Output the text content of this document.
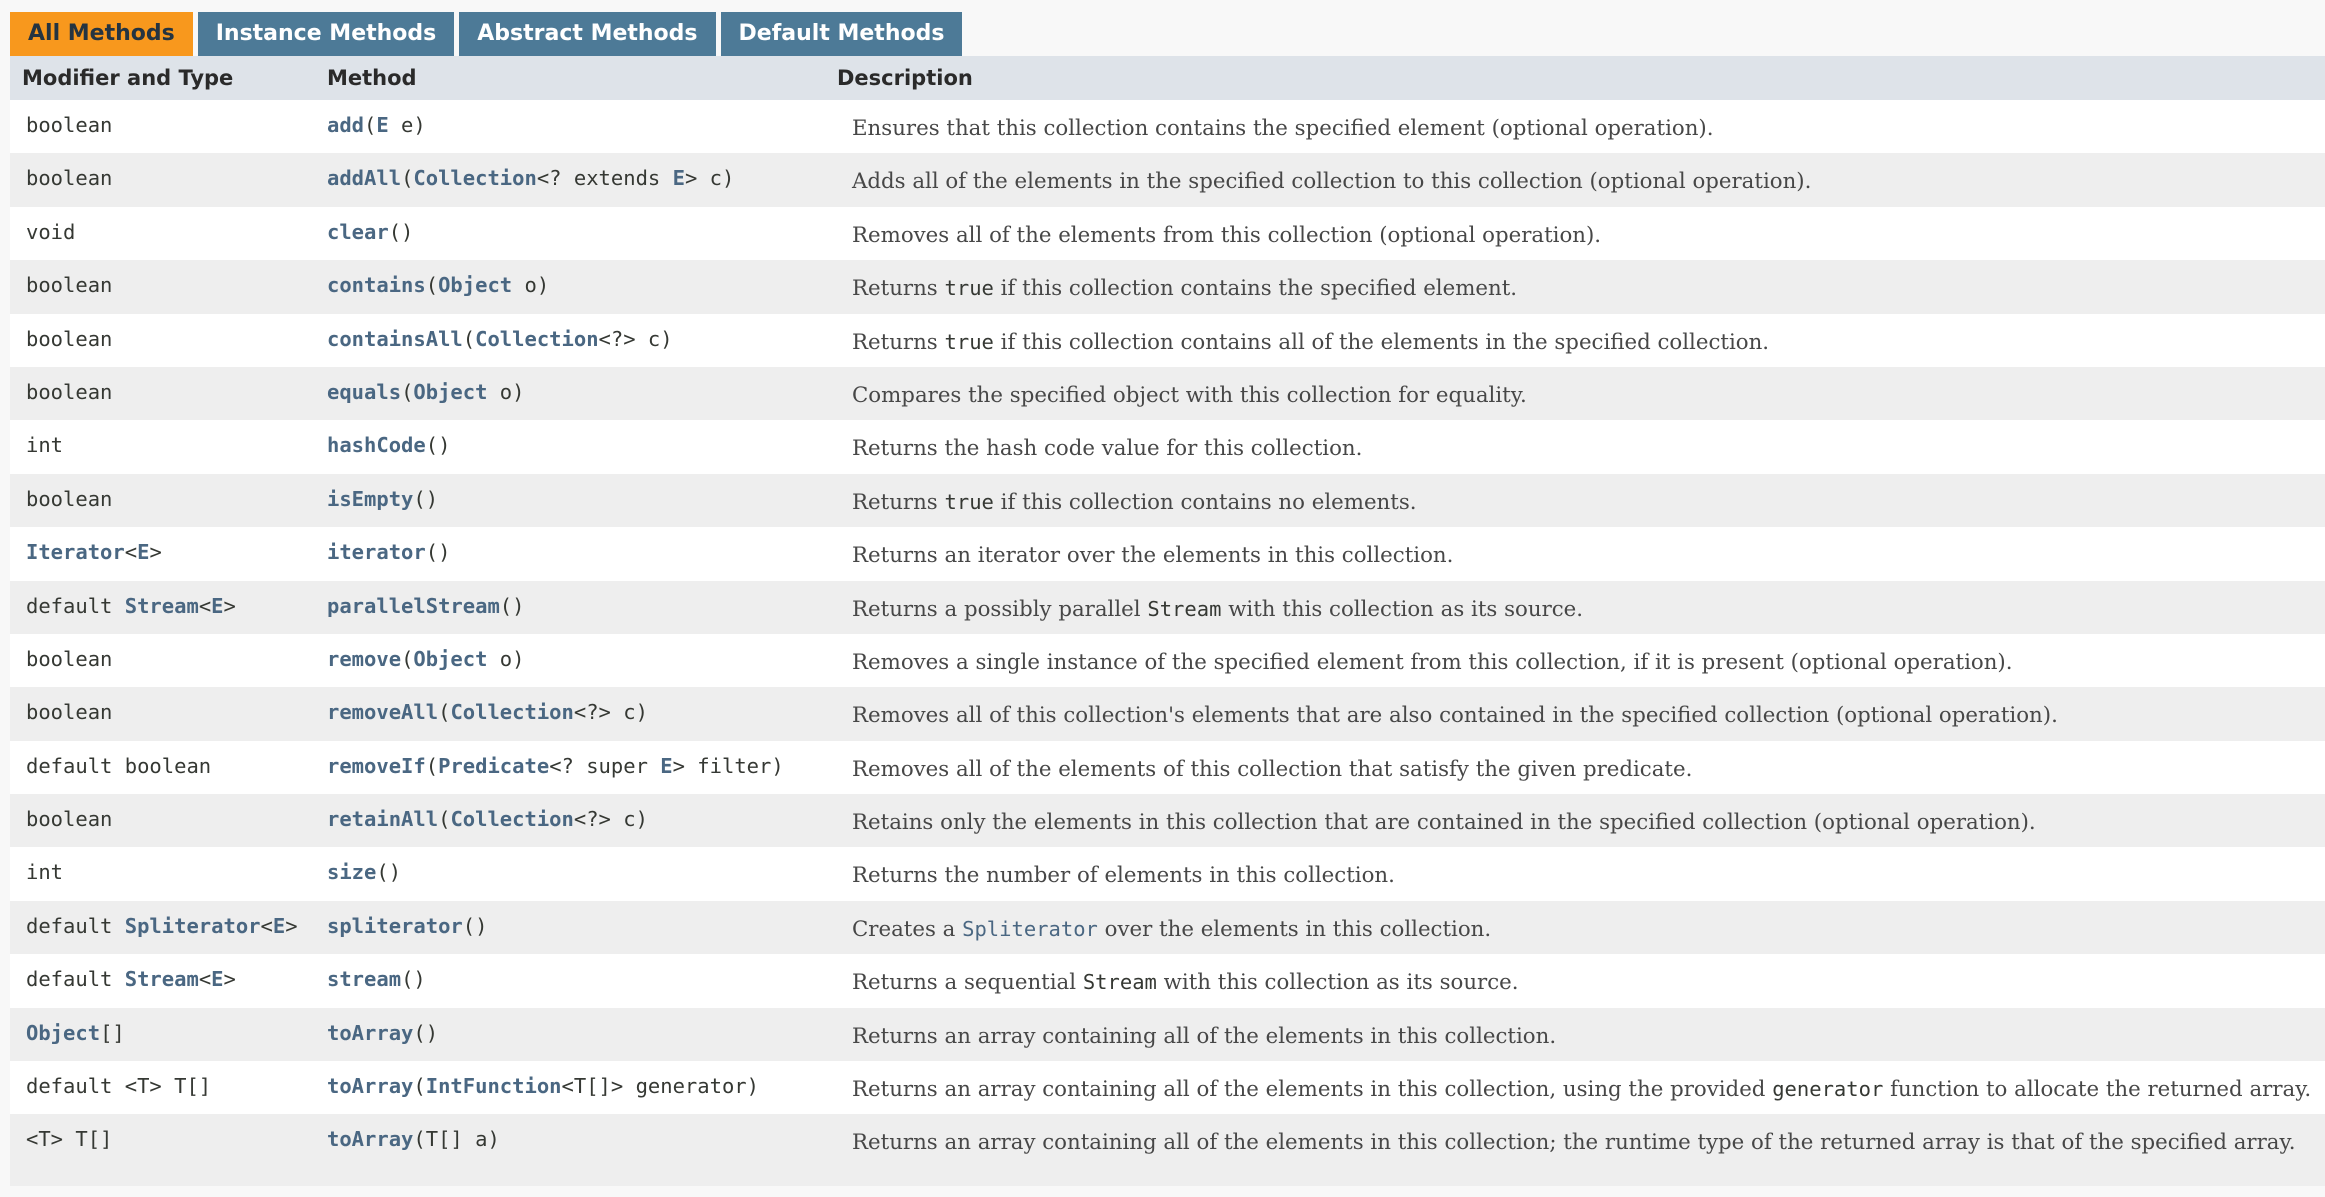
All Methods	Instance Methods	Abstract Methods	Default Methods
Modifier and Type	Method	Description
boolean	add(E e)	Ensures that this collection contains the specified element (optional operation).
boolean	addAll(Collection<? extends E> c)	Adds all of the elements in the specified collection to this collection (optional operation).
void	clear()	Removes all of the elements from this collection (optional operation).
boolean	contains(Object o)	Returns true if this collection contains the specified element.
boolean	containsAll(Collection<?> c)	Returns true if this collection contains all of the elements in the specified collection.
boolean	equals(Object o)	Compares the specified object with this collection for equality.
int	hashCode()	Returns the hash code value for this collection.
boolean	isEmpty()	Returns true if this collection contains no elements.
Iterator<E>	iterator()	Returns an iterator over the elements in this collection.
default Stream<E>	parallelStream()	Returns a possibly parallel Stream with this collection as its source.
boolean	remove(Object o)	Removes a single instance of the specified element from this collection, if it is present (optional operation).
boolean	removeAll(Collection<?> c)	Removes all of this collection's elements that are also contained in the specified collection (optional operation).
default boolean	removeIf(Predicate<? super E> filter)	Removes all of the elements of this collection that satisfy the given predicate.
boolean	retainAll(Collection<?> c)	Retains only the elements in this collection that are contained in the specified collection (optional operation).
int	size()	Returns the number of elements in this collection.
default Spliterator<E>	spliterator()	Creates a Spliterator over the elements in this collection.
default Stream<E>	stream()	Returns a sequential Stream with this collection as its source.
Object[]	toArray()	Returns an array containing all of the elements in this collection.
default <T> T[]	toArray(IntFunction<T[]> generator)	Returns an array containing all of the elements in this collection, using the provided generator function to allocate the returned array.
<T> T[]	toArray(T[] a)	Returns an array containing all of the elements in this collection; the runtime type of the returned array is that of the specified array.
